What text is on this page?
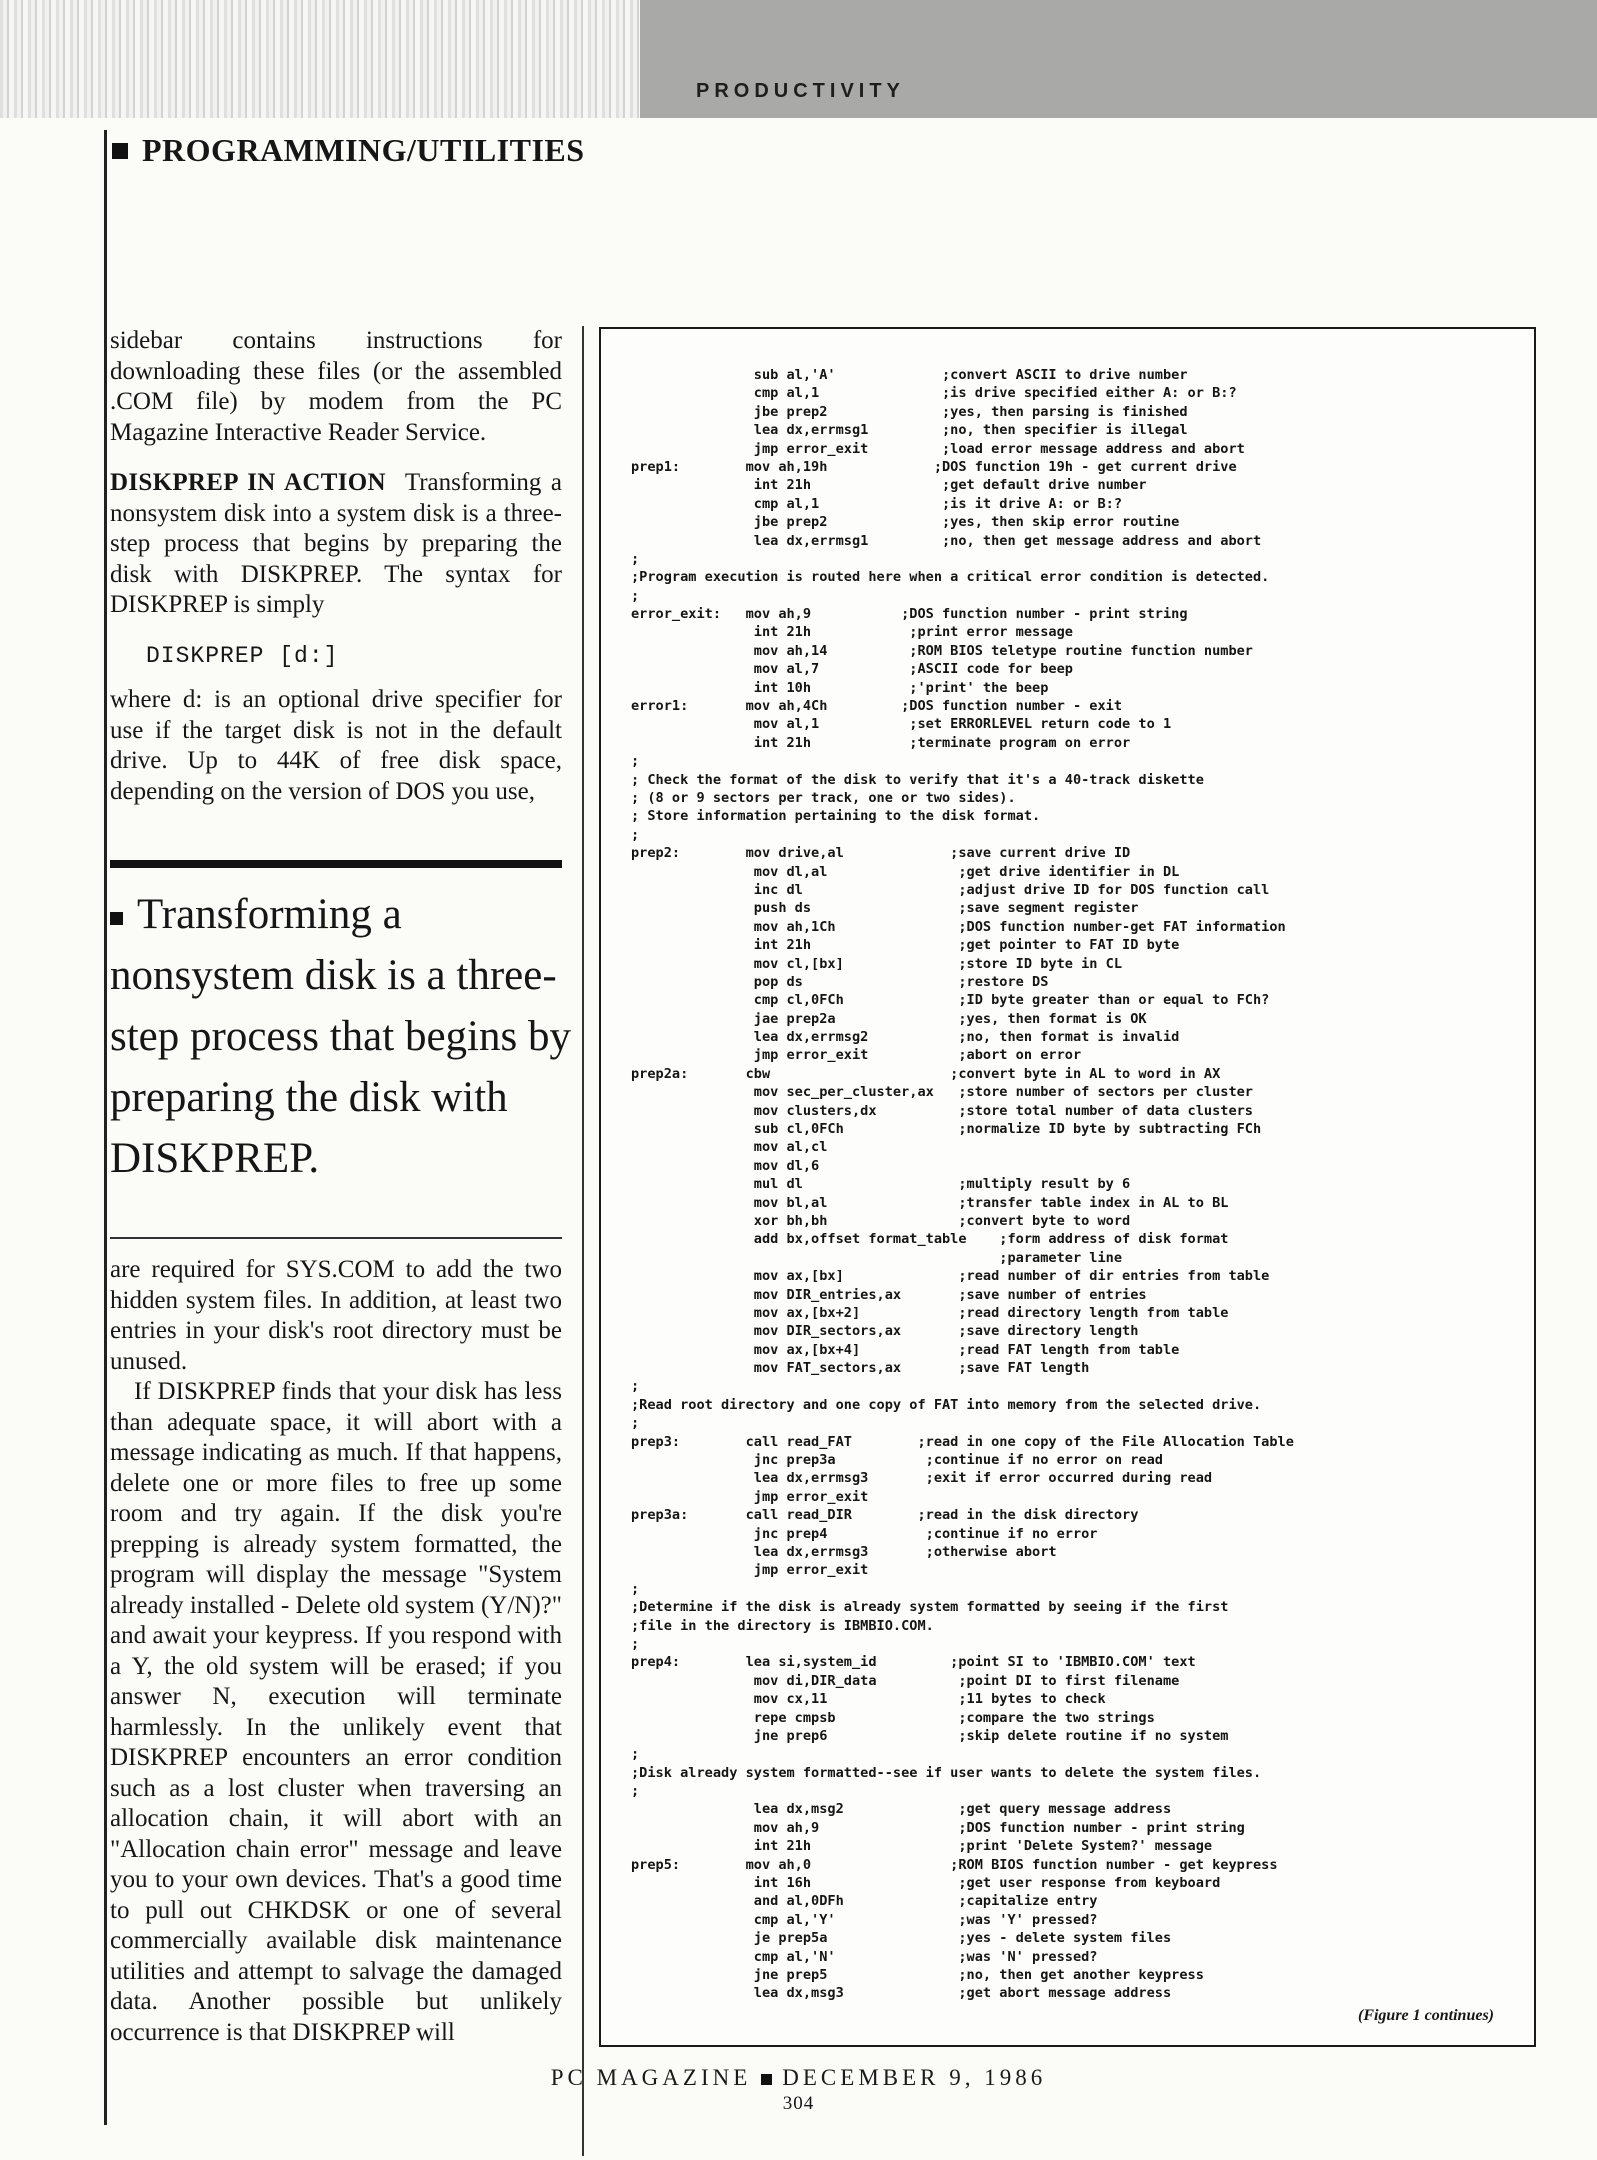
PRODUCTIVITY
PROGRAMMING/UTILITIES

sidebar contains instructions for downloading these files (or the assembled .COM file) by modem from the PC Magazine Interactive Reader Service.

DISKPREP IN ACTION Transforming a nonsystem disk into a system disk is a three-step process that begins by preparing the disk with DISKPREP. The syntax for DISKPREP is simply

DISKPREP [d:]

where d: is an optional drive specifier for use if the target disk is not in the default drive. Up to 44K of free disk space, depending on the version of DOS you use,

Transforming a nonsystem disk is a three-step process that begins by preparing the disk with DISKPREP.

are required for SYS.COM to add the two hidden system files. In addition, at least two entries in your disk's root directory must be unused.

If DISKPREP finds that your disk has less than adequate space, it will abort with a message indicating as much. If that happens, delete one or more files to free up some room and try again. If the disk you're prepping is already system formatted, the program will display the message "System already installed - Delete old system (Y/N)?" and await your keypress. If you respond with a Y, the old system will be erased; if you answer N, execution will terminate harmlessly. In the unlikely event that DISKPREP encounters an error condition such as a lost cluster when traversing an allocation chain, it will abort with an "Allocation chain error" message and leave you to your own devices. That's a good time to pull out CHKDSK or one of several commercially available disk maintenance utilities and attempt to salvage the damaged data. Another possible but unlikely occurrence is that DISKPREP will

sub al,'A'             ;convert ASCII to drive number
cmp al,1               ;is drive specified either A: or B:?
jbe prep2              ;yes, then parsing is finished
lea dx,errmsg1         ;no, then specifier is illegal
jmp error_exit         ;load error message address and abort
prep1:        mov ah,19h             ;DOS function 19h - get current drive
int 21h                ;get default drive number
cmp al,1               ;is it drive A: or B:?
jbe prep2              ;yes, then skip error routine
lea dx,errmsg1         ;no, then get message address and abort
;
;Program execution is routed here when a critical error condition is detected.
;
error_exit:   mov ah,9           ;DOS function number - print string
int 21h            ;print error message
mov ah,14          ;ROM BIOS teletype routine function number
mov al,7           ;ASCII code for beep
int 10h            ;'print' the beep
error1:       mov ah,4Ch         ;DOS function number - exit
mov al,1           ;set ERRORLEVEL return code to 1
int 21h            ;terminate program on error
;
; Check the format of the disk to verify that it's a 40-track diskette
; (8 or 9 sectors per track, one or two sides).
; Store information pertaining to the disk format.
;
prep2:        mov drive,al             ;save current drive ID
mov dl,al                ;get drive identifier in DL
inc dl                   ;adjust drive ID for DOS function call
push ds                  ;save segment register
mov ah,1Ch               ;DOS function number-get FAT information
int 21h                  ;get pointer to FAT ID byte
mov cl,[bx]              ;store ID byte in CL
pop ds                   ;restore DS
cmp cl,0FCh              ;ID byte greater than or equal to FCh?
jae prep2a               ;yes, then format is OK
lea dx,errmsg2           ;no, then format is invalid
jmp error_exit           ;abort on error
prep2a:       cbw                      ;convert byte in AL to word in AX
mov sec_per_cluster,ax   ;store number of sectors per cluster
mov clusters,dx          ;store total number of data clusters
sub cl,0FCh              ;normalize ID byte by subtracting FCh
mov al,cl
mov dl,6
mul dl                   ;multiply result by 6
mov bl,al                ;transfer table index in AL to BL
xor bh,bh                ;convert byte to word
add bx,offset format_table    ;form address of disk format
;parameter line
mov ax,[bx]              ;read number of dir entries from table
mov DIR_entries,ax       ;save number of entries
mov ax,[bx+2]            ;read directory length from table
mov DIR_sectors,ax       ;save directory length
mov ax,[bx+4]            ;read FAT length from table
mov FAT_sectors,ax       ;save FAT length
;
;Read root directory and one copy of FAT into memory from the selected drive.
;
prep3:        call read_FAT        ;read in one copy of the File Allocation Table
jnc prep3a           ;continue if no error on read
lea dx,errmsg3       ;exit if error occurred during read
jmp error_exit
prep3a:       call read_DIR        ;read in the disk directory
jnc prep4            ;continue if no error
lea dx,errmsg3       ;otherwise abort
jmp error_exit
;
;Determine if the disk is already system formatted by seeing if the first
;file in the directory is IBMBIO.COM.
;
prep4:        lea si,system_id         ;point SI to 'IBMBIO.COM' text
mov di,DIR_data          ;point DI to first filename
mov cx,11                ;11 bytes to check
repe cmpsb               ;compare the two strings
jne prep6                ;skip delete routine if no system
;
;Disk already system formatted--see if user wants to delete the system files.
;
lea dx,msg2              ;get query message address
mov ah,9                 ;DOS function number - print string
int 21h                  ;print 'Delete System?' message
prep5:        mov ah,0                 ;ROM BIOS function number - get keypress
int 16h                  ;get user response from keyboard
and al,0DFh              ;capitalize entry
cmp al,'Y'               ;was 'Y' pressed?
je prep5a                ;yes - delete system files
cmp al,'N'               ;was 'N' pressed?
jne prep5                ;no, then get another keypress
lea dx,msg3              ;get abort message address
(Figure 1 continues)
PC MAGAZINE DECEMBER 9, 1986
304
